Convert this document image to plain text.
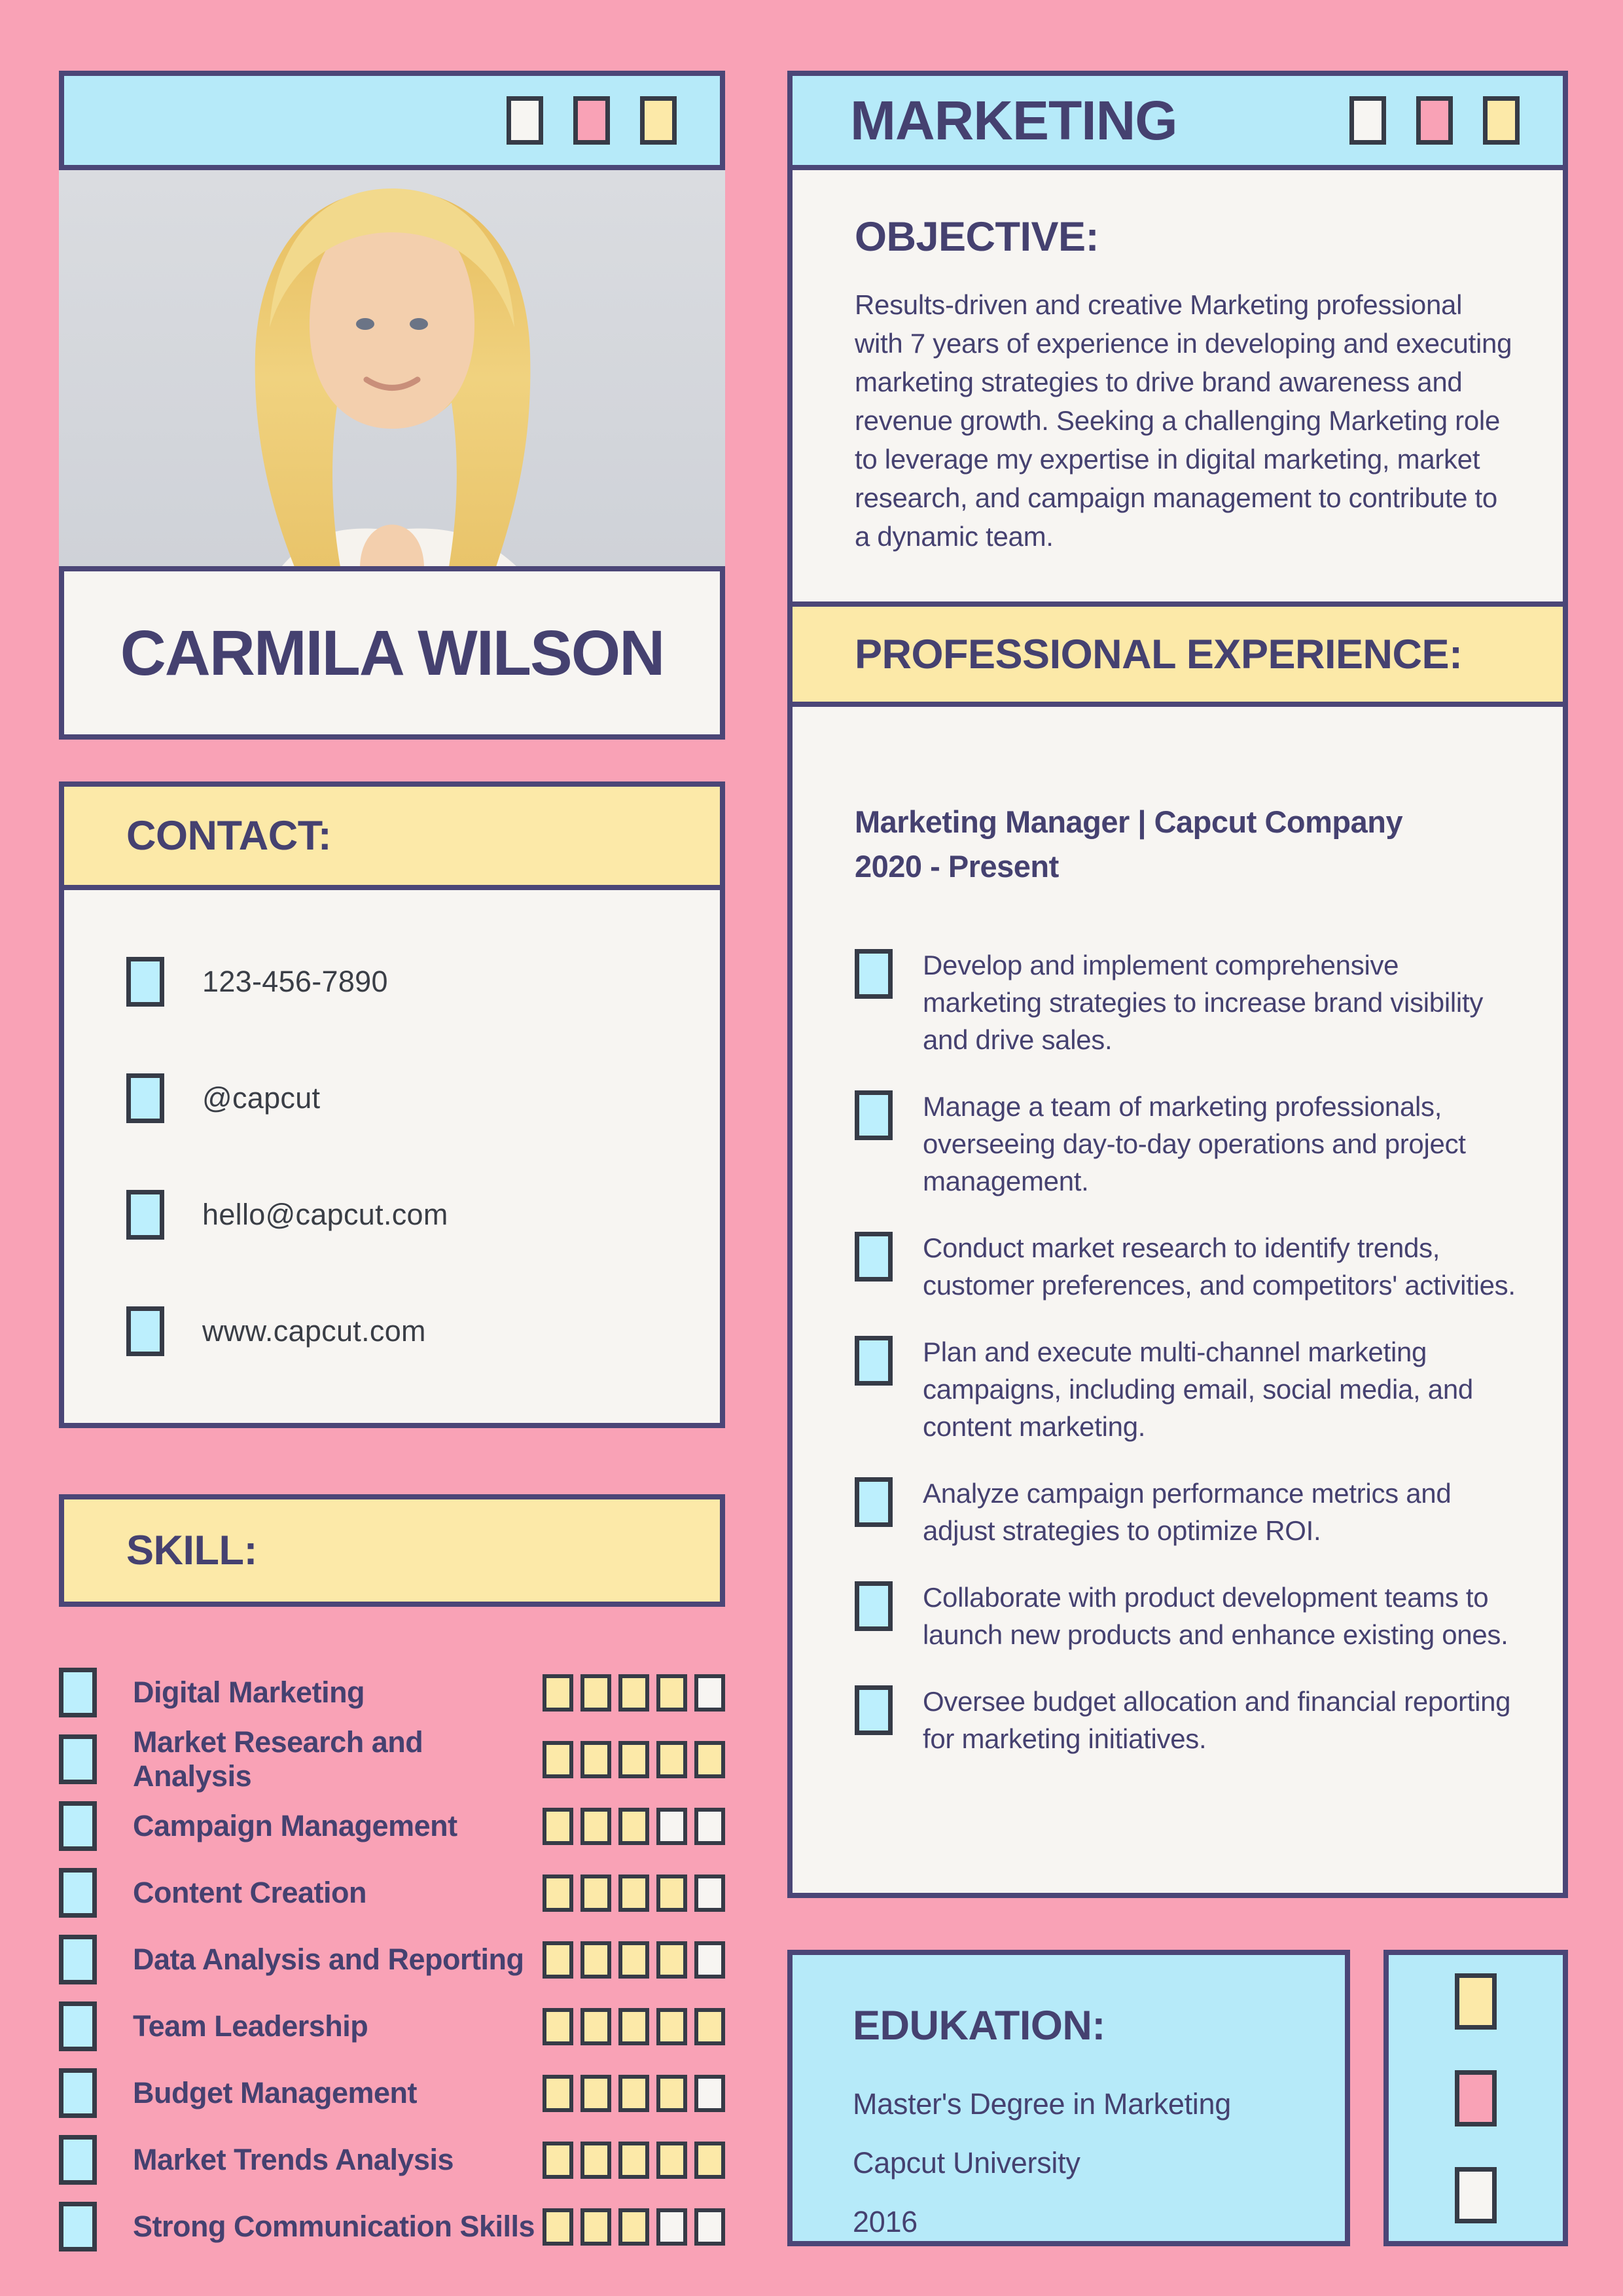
CARMILA WILSON
CONTACT:
123-456-7890
@capcut
hello@capcut.com
www.capcut.com
SKILL:
Digital Marketing
Market Research and Analysis
Campaign Management
Content Creation
Data Analysis and Reporting
Team Leadership
Budget Management
Market Trends Analysis
Strong Communication Skills
MARKETING
OBJECTIVE:

Results-driven and creative Marketing professional with 7 years of experience in developing and executing marketing strategies to drive brand awareness and revenue growth. Seeking a challenging Marketing role to leverage my expertise in digital marketing, market research, and campaign management to contribute to a dynamic team.

PROFESSIONAL EXPERIENCE:

Marketing Manager | Capcut Company

2020 - Present

Develop and implement comprehensive marketing strategies to increase brand visibility and drive sales.

Manage a team of marketing professionals, overseeing day-to-day operations and project management.

Conduct market research to identify trends, customer preferences, and competitors' activities.

Plan and execute multi-channel marketing campaigns, including email, social media, and content marketing.

Analyze campaign performance metrics and adjust strategies to optimize ROI.

Collaborate with product development teams to launch new products and enhance existing ones.

Oversee budget allocation and financial reporting for marketing initiatives.

EDUKATION:

Master's Degree in Marketing

Capcut University

2016
